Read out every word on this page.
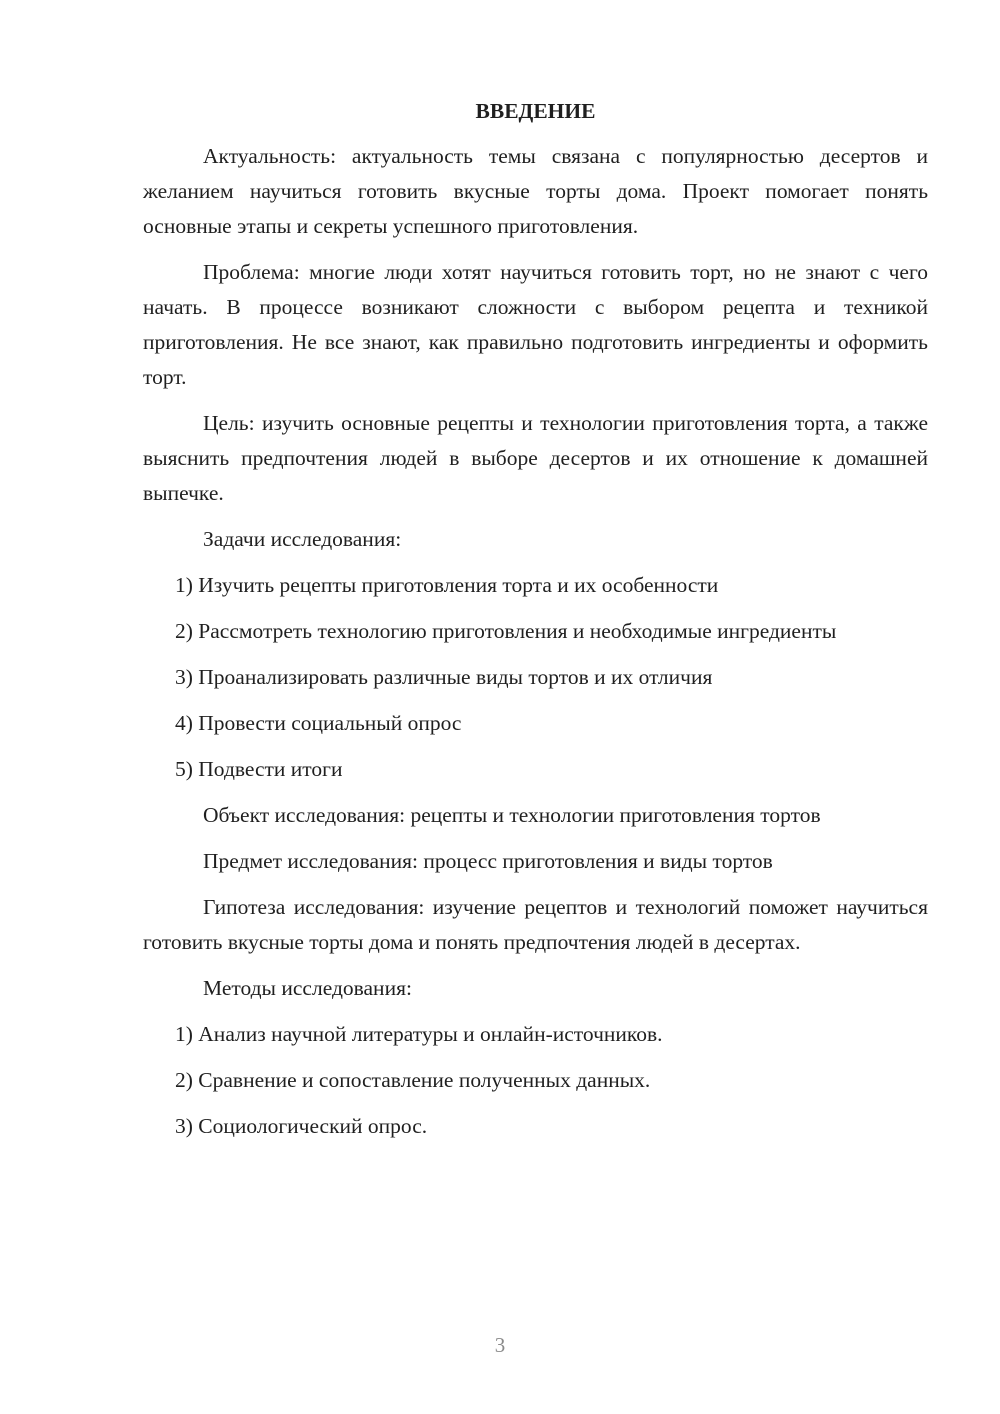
ВВЕДЕНИЕ

Актуальность: актуальность темы связана с популярностью десертов и желанием научиться готовить вкусные торты дома. Проект помогает понять основные этапы и секреты успешного приготовления.

Проблема: многие люди хотят научиться готовить торт, но не знают с чего начать. В процессе возникают сложности с выбором рецепта и техникой приготовления. Не все знают, как правильно подготовить ингредиенты и оформить торт.

Цель: изучить основные рецепты и технологии приготовления торта, а также выяснить предпочтения людей в выборе десертов и их отношение к домашней выпечке.

Задачи исследования:

1) Изучить рецепты приготовления торта и их особенности

2) Рассмотреть технологию приготовления и необходимые ингредиенты

3) Проанализировать различные виды тортов и их отличия

4) Провести социальный опрос

5) Подвести итоги

Объект исследования: рецепты и технологии приготовления тортов

Предмет исследования: процесс приготовления и виды тортов

Гипотеза исследования: изучение рецептов и технологий поможет научиться готовить вкусные торты дома и понять предпочтения людей в десертах.

Методы исследования:

1) Анализ научной литературы и онлайн-источников.

2) Сравнение и сопоставление полученных данных.

3) Социологический опрос.

3
